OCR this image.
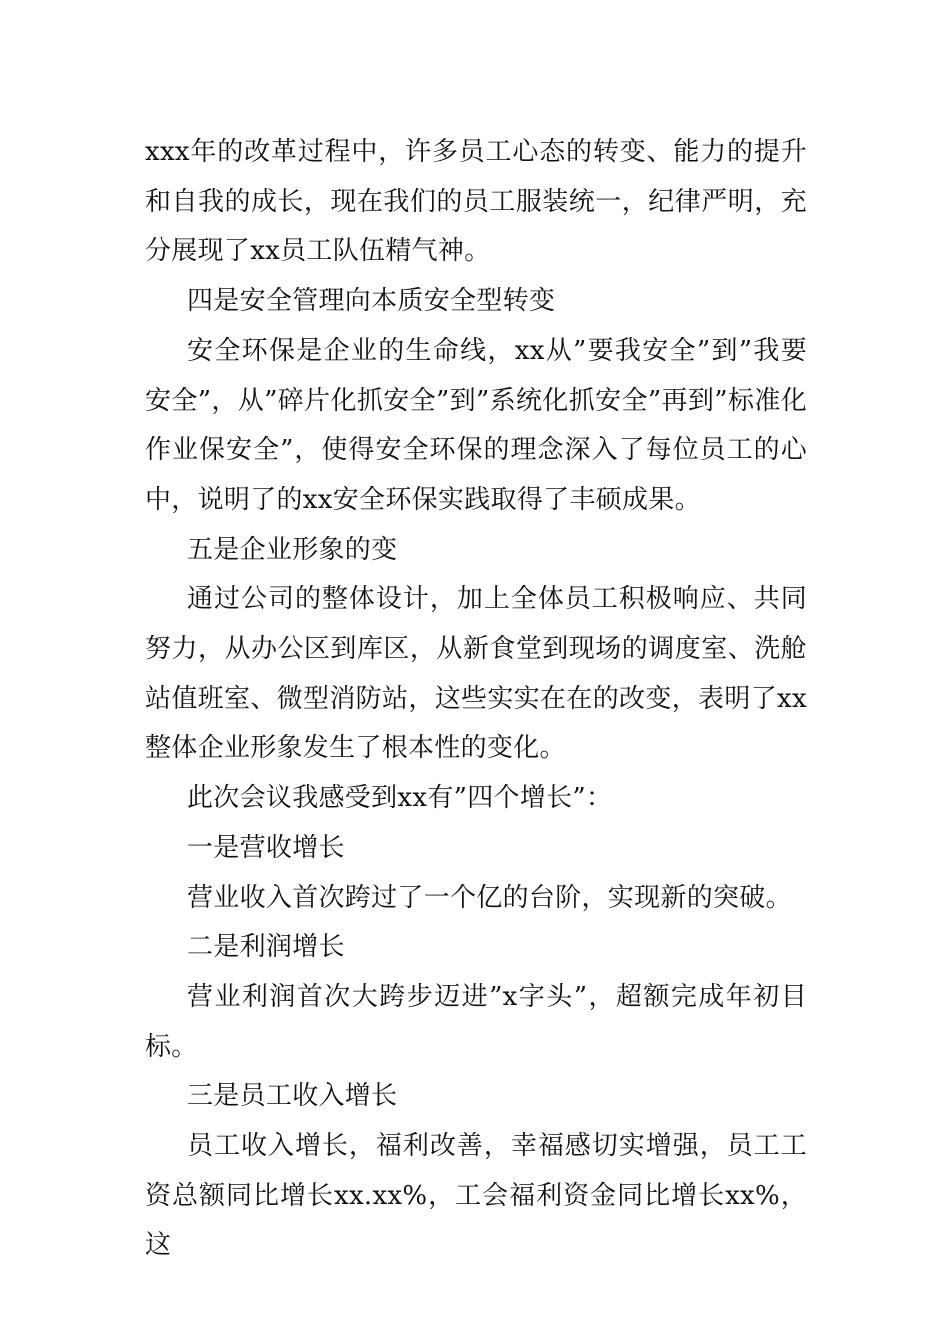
xxx年的改革过程中，许多员工心态的转变、能力的提升和自我的成长，现在我们的员工服装统一，纪律严明，充分展现了xx员工队伍精气神。

四是安全管理向本质安全型转变

安全环保是企业的生命线，xx从”要我安全”到”我要安全”，从”碎片化抓安全”到”系统化抓安全”再到”标准化作业保安全”，使得安全环保的理念深入了每位员工的心中，说明了的xx安全环保实践取得了丰硕成果。

五是企业形象的变

通过公司的整体设计，加上全体员工积极响应、共同努力，从办公区到库区，从新食堂到现场的调度室、洗舱站值班室、微型消防站，这些实实在在的改变，表明了xx整体企业形象发生了根本性的变化。

此次会议我感受到xx有”四个增长”：

一是营收增长

营业收入首次跨过了一个亿的台阶，实现新的突破。

二是利润增长

营业利润首次大跨步迈进”x字头”，超额完成年初目标。

三是员工收入增长

员工收入增长，福利改善，幸福感切实增强，员工工资总额同比增长xx.xx%，工会福利资金同比增长xx%，这
